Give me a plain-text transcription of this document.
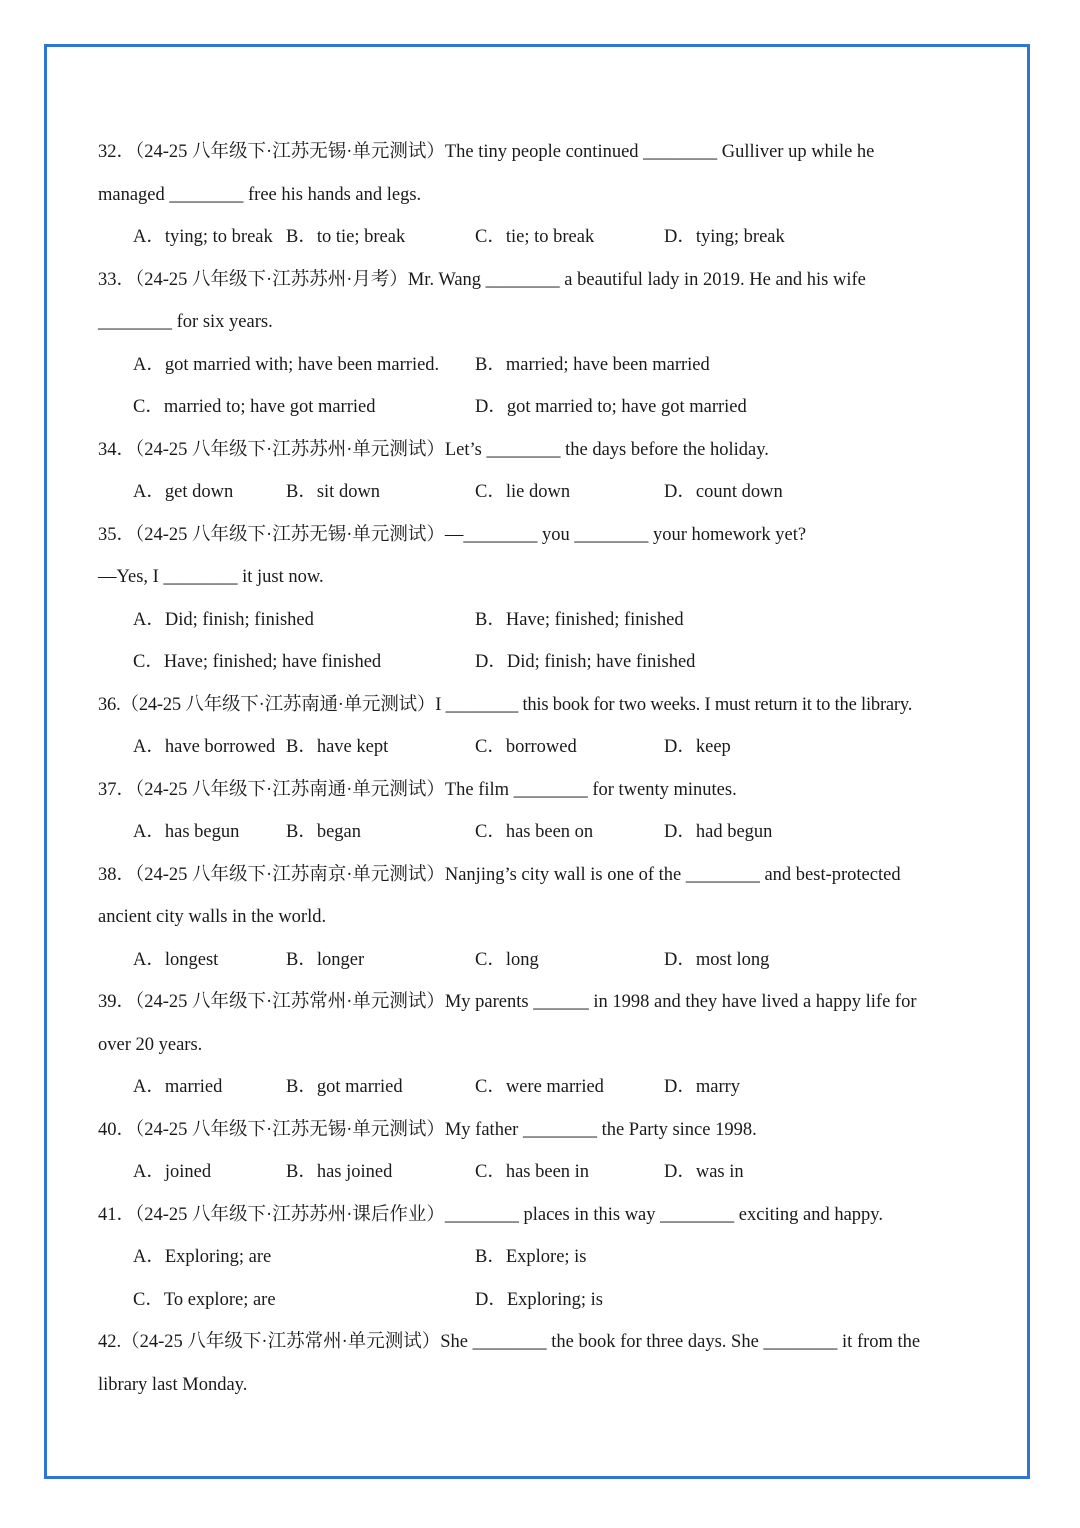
32．（24-25 八年级下·江苏无锡·单元测试）The tiny people continued ________ Gulliver up while he
managed ________ free his hands and legs.
A．tying; to break B．to tie; break	C．tie; to break	D．tying; break
33．（24-25 八年级下·江苏苏州·月考）Mr. Wang ________ a beautiful lady in 2019. He and his wife
________ for six years.
A．got married with; have been married. B．married; have been married
C．married to; have got married	D．got married to; have got married
34．（24-25 八年级下·江苏苏州·单元测试）Let’s ________ the days before the holiday.
A．get down	B．sit down	C．lie down	D．count down
35．（24-25 八年级下·江苏无锡·单元测试）—________ you ________ your homework yet?
—Yes, I ________ it just now.
A．Did; finish; finished	B．Have; finished; finished
C．Have; finished; have finished	D．Did; finish; have finished
36.（24-25 八年级下·江苏南通·单元测试）I ________ this book for two weeks. I must return it to the library.
A．have borrowed B．have kept	C．borrowed	D．keep
37．（24-25 八年级下·江苏南通·单元测试）The film ________ for twenty minutes.
A．has begun	B．began	C．has been on	D．had begun
38．（24-25 八年级下·江苏南京·单元测试）Nanjing’s city wall is one of the ________ and best-protected
ancient city walls in the world.
A．longest	B．longer	C．long	D．most long
39．（24-25 八年级下·江苏常州·单元测试）My parents ______ in 1998 and they have lived a happy life for
over 20 years.
A．married	B．got married	C．were married	D．marry
40．（24-25 八年级下·江苏无锡·单元测试）My father ________ the Party since 1998.
A．joined	B．has joined	C．has been in	D．was in
41．（24-25 八年级下·江苏苏州·课后作业）________ places in this way ________ exciting and happy.
A．Exploring; are	B．Explore; is
C．To explore; are	D．Exploring; is
42.（24-25 八年级下·江苏常州·单元测试）She ________ the book for three days. She ________ it from the
library last Monday.
